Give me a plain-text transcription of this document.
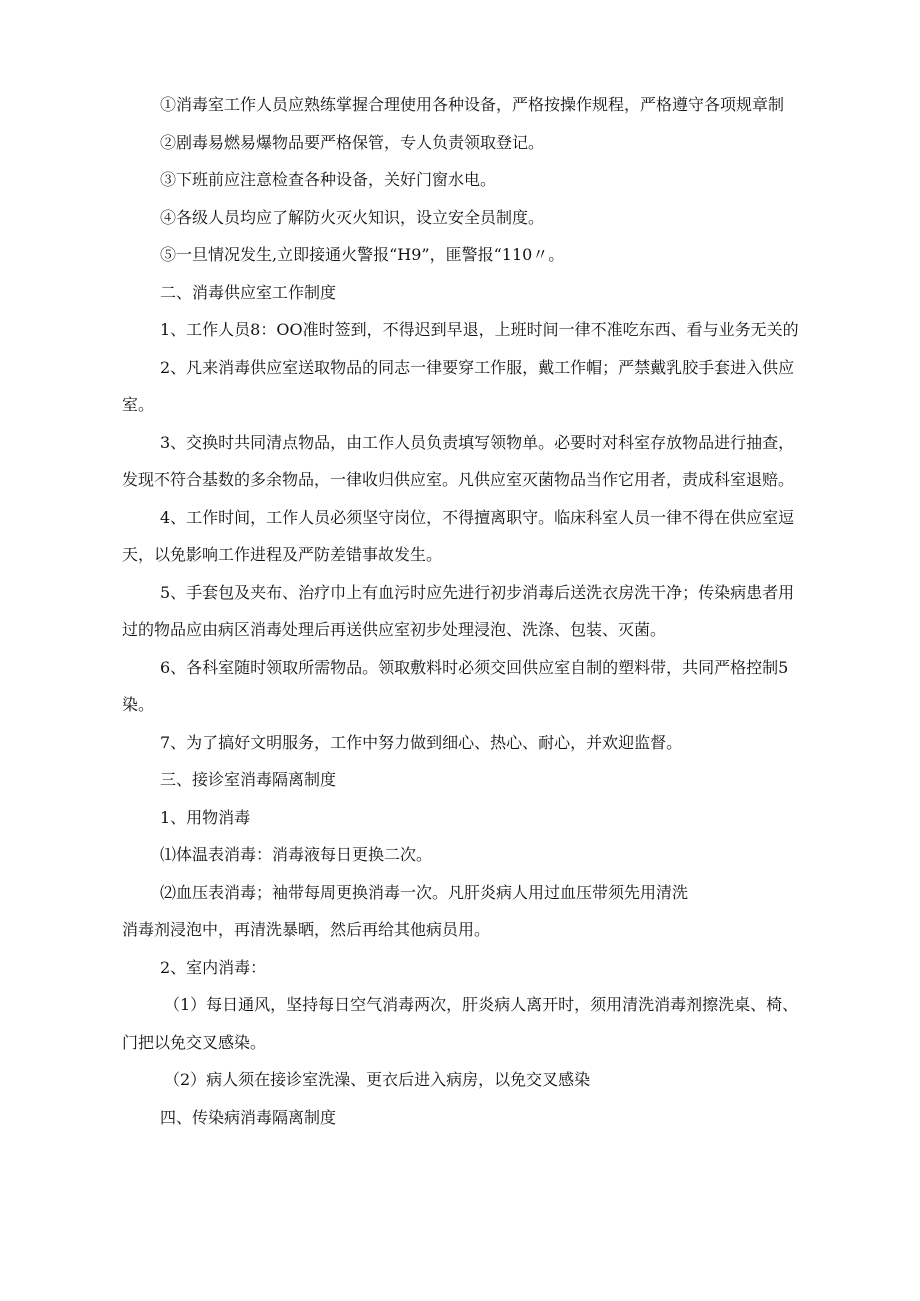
①消毒室工作人员应熟练掌握合理使用各种设备，严格按操作规程，严格遵守各项规章制

②剧毒易燃易爆物品要严格保管，专人负责领取登记。

③下班前应注意检查各种设备，关好门窗水电。

④各级人员均应了解防火灭火知识，设立安全员制度。

⑤一旦情况发生,立即接通火警报“H9”，匪警报“110〃。

二、消毒供应室工作制度

1、工作人员8：OO准时签到，不得迟到早退，上班时间一律不准吃东西、看与业务无关的

2、凡来消毒供应室送取物品的同志一律要穿工作服，戴工作帽；严禁戴乳胶手套进入供应室。

3、交换时共同清点物品，由工作人员负责填写领物单。必要时对科室存放物品进行抽查，发现不符合基数的多余物品，一律收归供应室。凡供应室灭菌物品当作它用者，责成科室退赔。

4、工作时间，工作人员必须坚守岗位，不得擅离职守。临床科室人员一律不得在供应室逗天，以免影响工作进程及严防差错事故发生。

5、手套包及夹布、治疗巾上有血污时应先进行初步消毒后送洗衣房洗干净；传染病患者用过的物品应由病区消毒处理后再送供应室初步处理浸泡、洗涤、包装、灭菌。

6、各科室随时领取所需物品。领取敷料时必须交回供应室自制的塑料带，共同严格控制5染。

7、为了搞好文明服务，工作中努力做到细心、热心、耐心，并欢迎监督。

三、接诊室消毒隔离制度

1、用物消毒

⑴体温表消毒：消毒液每日更换二次。

⑵血压表消毒；袖带每周更换消毒一次。凡肝炎病人用过血压带须先用清洗

消毒剂浸泡中，再清洗暴晒，然后再给其他病员用。

2、室内消毒：

（1）每日通风，坚持每日空气消毒两次，肝炎病人离开时，须用清洗消毒剂擦洗桌、椅、门把以免交叉感染。

（2）病人须在接诊室洗澡、更衣后进入病房，以免交叉感染

四、传染病消毒隔离制度
